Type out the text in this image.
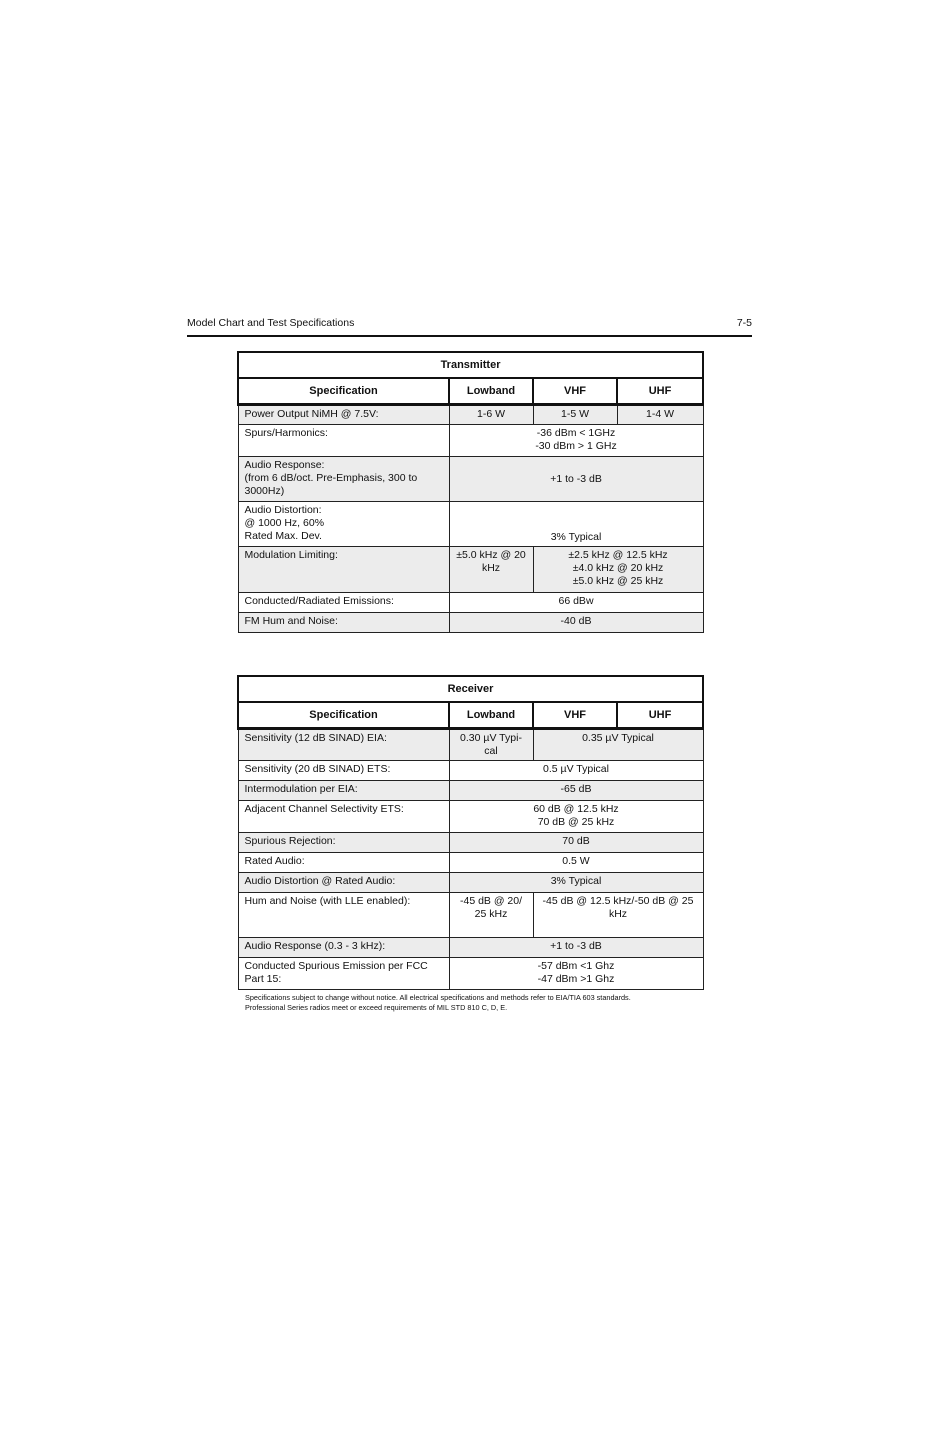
Model Chart and Test Specifications	7-5
Transmitter			
Specification	Lowband	VHF	UHF
Power Output NiMH @ 7.5V:	1-6 W	1-5 W	1-4 W
Spurs/Harmonics:	-36 dBm < 1GHz
-30 dBm > 1 GHz		

Audio Response:
(from 6 dB/oct. Pre-Emphasis, 300 to
3000Hz)	+1 to -3 dB		

Audio Distortion:
@ 1000 Hz, 60%
Rated Max. Dev.	3% Typical		
Modulation Limiting:	±5.0 kHz @ 20
kHz	±2.5 kHz @ 12.5 kHz
±4.0 kHz @ 20 kHz
±5.0 kHz @ 25 kHz	

Conducted/Radiated Emissions:	66 dBw		
FM Hum and Noise:	-40 dB		
Receiver			
Specification	Lowband	VHF	UHF
Sensitivity (12 dB SINAD) EIA:	0.30 µV Typi-
cal	0.35 µV Typical	
Sensitivity (20 dB SINAD) ETS:	0.5 µV Typical		
Intermodulation per EIA:	-65 dB		
Adjacent Channel Selectivity ETS:	60 dB @ 12.5 kHz
70 dB @ 25 kHz		

Spurious Rejection:	70 dB		
Rated Audio:	0.5 W		
Audio Distortion @ Rated Audio:	3% Typical		
Hum and Noise (with LLE enabled):	-45 dB @ 20/
25 kHz	-45 dB @ 12.5 kHz/-50 dB @ 25
kHz	

Audio Response (0.3 - 3 kHz):	+1 to -3 dB		

Conducted Spurious Emission per FCC
Part 15:	-57 dBm <1 Ghz
-47 dBm >1 Ghz		
Specifications subject to change without notice. All electrical specifications and methods refer to EIA/TIA 603 standards.
Professional Series radios meet or exceed requirements of MIL STD 810 C, D, E.
